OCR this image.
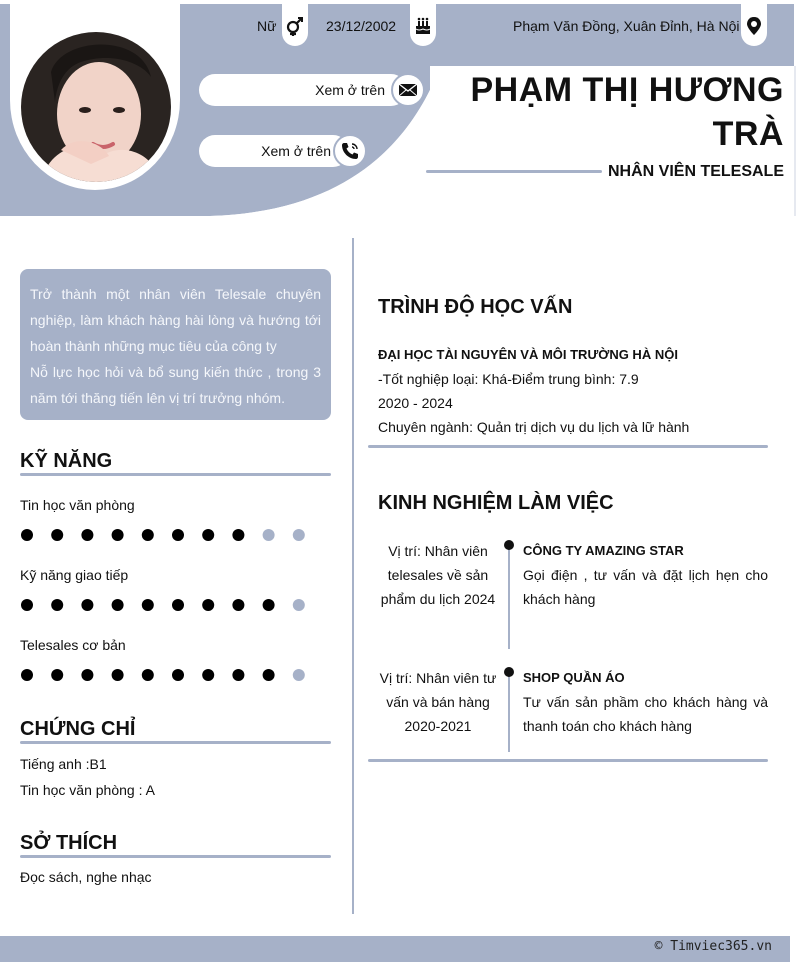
Nữ	23/12/2002	Phạm Văn Đồng, Xuân Đỉnh, Hà Nội
Xem ở trên
Xem ở trên
PHẠM THỊ HƯƠNG
TRÀ
NHÂN VIÊN TELESALE
Trở thành một nhân viên Telesale chuyên nghiệp, làm khách hàng hài lòng và hướng tới hoàn thành những mục tiêu của công ty
Nỗ lực học hỏi và bổ sung kiến thức , trong 3 năm tới thăng tiến lên vị trí trưởng nhóm.
KỸ NĂNG
Tin học văn phòng
Kỹ năng giao tiếp
Telesales cơ bản
CHỨNG CHỈ
Tiếng anh :B1
Tin học văn phòng : A
SỞ THÍCH
Đọc sách, nghe nhạc
TRÌNH ĐỘ HỌC VẤN
ĐẠI HỌC TÀI NGUYÊN VÀ MÔI TRƯỜNG HÀ NỘI
-Tốt nghiệp loại: Khá-Điểm trung bình: 7.9
2020 - 2024
Chuyên ngành: Quản trị dịch vụ du lịch và lữ hành
KINH NGHIỆM LÀM VIỆC
Vị trí: Nhân viên telesales về sản phẩm du lịch 2024
CÔNG TY AMAZING STAR
Gọi điện , tư vấn và đặt lịch hẹn cho khách hàng
Vị trí: Nhân viên tư vấn và bán hàng 2020-2021
SHOP QUẦN ÁO
Tư vấn sản phầm cho khách hàng và thanh toán cho khách hàng
© Timviec365.vn
